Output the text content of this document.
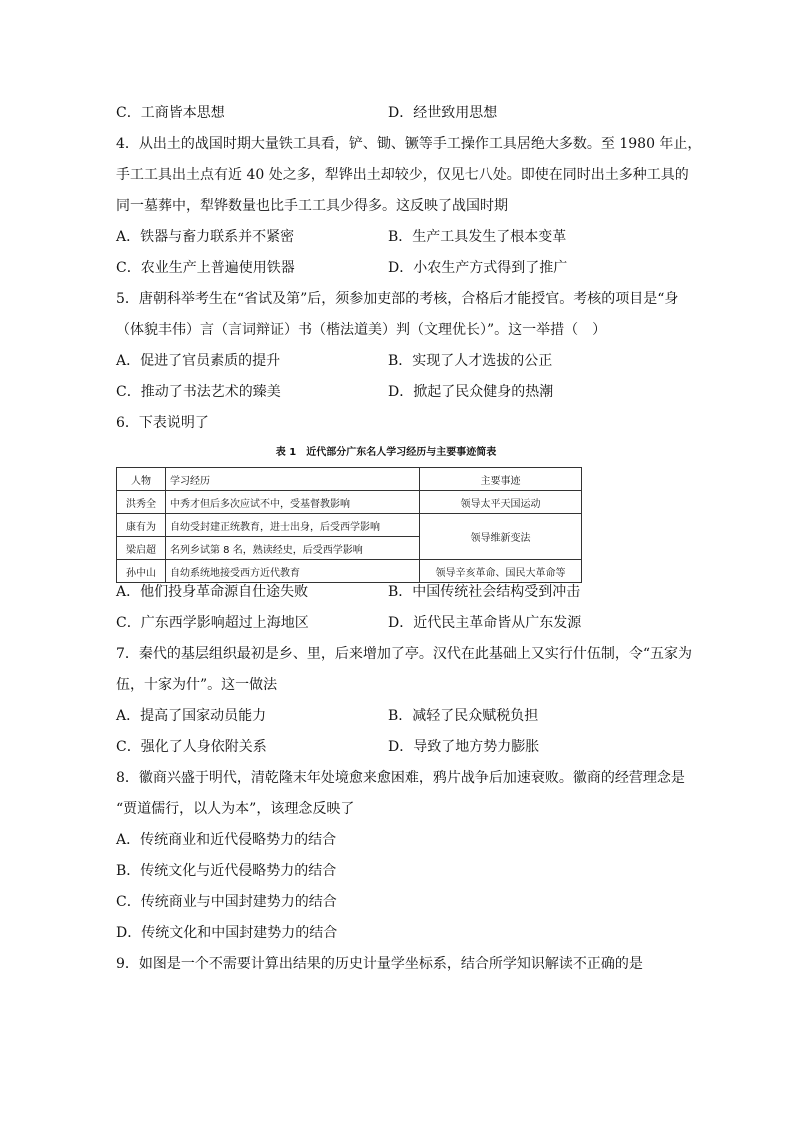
C．工商皆本思想	D．经世致用思想
4．从出土的战国时期大量铁工具看，铲、锄、镢等手工操作工具居绝大多数。至 1980 年止，
手工工具出土点有近 40 处之多，犁铧出土却较少，仅见七八处。即使在同时出土多种工具的
同一墓葬中，犁铧数量也比手工工具少得多。这反映了战国时期
A．铁器与畜力联系并不紧密	B．生产工具发生了根本变革
C．农业生产上普遍使用铁器	D．小农生产方式得到了推广
5．唐朝科举考生在“省试及第”后，须参加吏部的考核，合格后才能授官。考核的项目是“身
（体貌丰伟）言（言词辩证）书（楷法道美）判（文理优长）”。这一举措（　）
A．促进了官员素质的提升	B．实现了人才选拔的公正
C．推动了书法艺术的臻美	D．掀起了民众健身的热潮
6．下表说明了
表 1　近代部分广东名人学习经历与主要事迹简表
人物	学习经历	主要事迹
洪秀全	中秀才但后多次应试不中，受基督教影响	领导太平天国运动
康有为	自幼受封建正统教育，进士出身，后受西学影响	领导维新变法
梁启超	名列乡试第 8 名，熟读经史，后受西学影响	
孙中山	自幼系统地接受西方近代教育	领导辛亥革命、国民大革命等
A．他们投身革命源自仕途失败	B．中国传统社会结构受到冲击
C．广东西学影响超过上海地区	D．近代民主革命皆从广东发源
7．秦代的基层组织最初是乡、里，后来增加了亭。汉代在此基础上又实行什伍制，令“五家为
伍，十家为什”。这一做法
A．提高了国家动员能力	B．减轻了民众赋税负担
C．强化了人身依附关系	D．导致了地方势力膨胀
8．徽商兴盛于明代，清乾隆末年处境愈来愈困难，鸦片战争后加速衰败。徽商的经营理念是
“贾道儒行，以人为本”，该理念反映了
A．传统商业和近代侵略势力的结合
B．传统文化与近代侵略势力的结合
C．传统商业与中国封建势力的结合
D．传统文化和中国封建势力的结合
9．如图是一个不需要计算出结果的历史计量学坐标系，结合所学知识解读不正确的是
